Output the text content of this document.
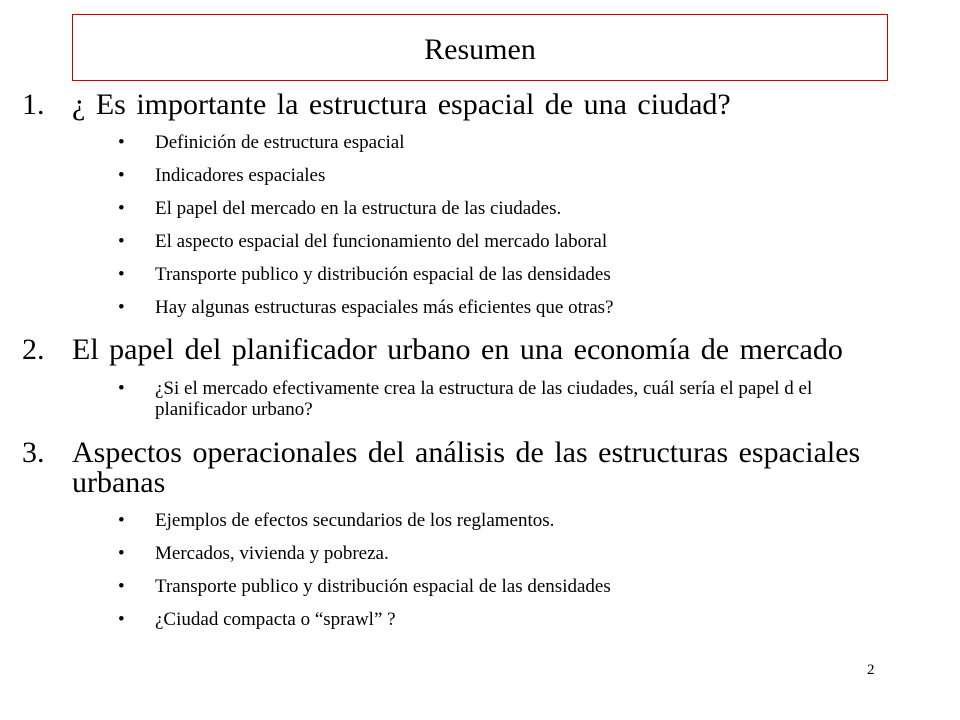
Resumen
1. ¿ Es importante la estructura espacial de una ciudad?
• Definición de estructura espacial
• Indicadores espaciales
• El papel del mercado en la estructura de las ciudades.
• El aspecto espacial del funcionamiento del mercado laboral
• Transporte publico y distribución espacial de las densidades
• Hay algunas estructuras espaciales más eficientes que otras?
2. El papel del planificador urbano en una economía de mercado
• ¿Si el mercado efectivamente crea la estructura de las ciudades, cuál sería el papel d el planificador urbano?
3. Aspectos operacionales del análisis de las estructuras espaciales urbanas
• Ejemplos de efectos secundarios de los reglamentos.
• Mercados, vivienda y pobreza.
• Transporte publico y distribución espacial de las densidades
• ¿Ciudad compacta o “sprawl” ?
2
